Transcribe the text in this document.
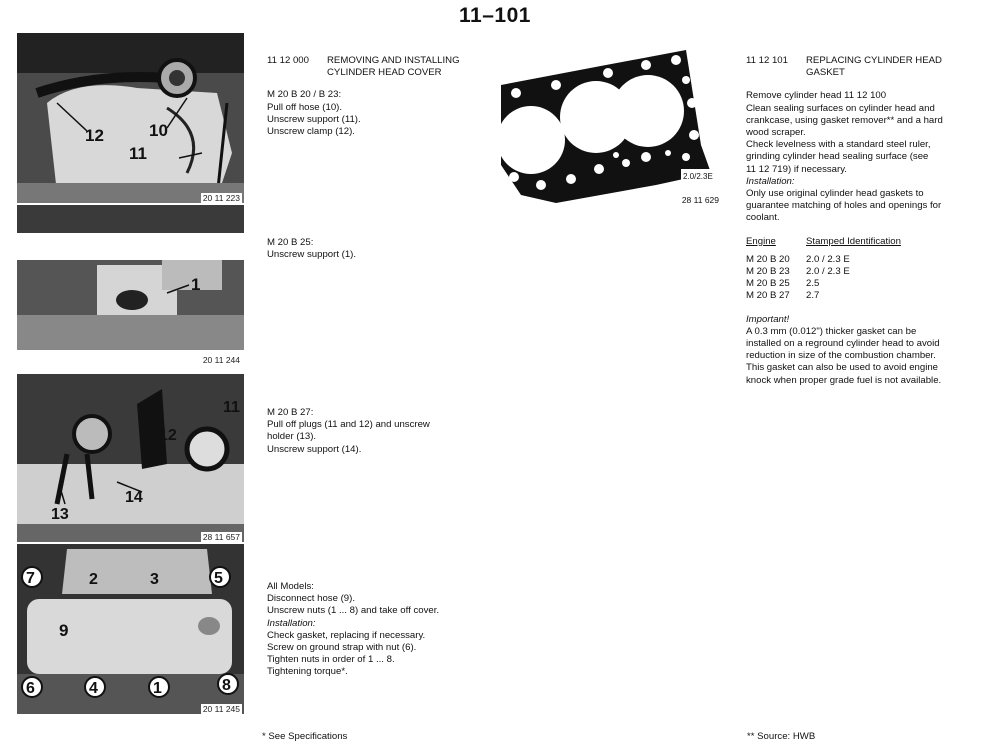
11–101
12	10
11
20 11 223
1
20 11 244
11
12
14
13
28 11 657
7	2	3	5
9
6	4	1	8
20 11 245
11 12 000	REMOVING AND INSTALLING
CYLINDER HEAD COVER
M 20 B 20 / B 23:
Pull off hose (10).
Unscrew support (11).
Unscrew clamp (12).
M 20 B 25:
Unscrew support (1).
M 20 B 27:
Pull off plugs (11 and 12) and unscrew
holder (13).
Unscrew support (14).
All Models:
Disconnect hose (9).
Unscrew nuts (1 ... 8) and take off cover.
Installation:
Check gasket, replacing if necessary.
Screw on ground strap with nut (6).
Tighten nuts in order of 1 ... 8.
Tightening torque*.
2.0/2.3E
28 11 629
11 12 101	REPLACING CYLINDER HEAD
GASKET
Remove cylinder head 11 12 100
Clean sealing surfaces on cylinder head and
crankcase, using gasket remover** and a hard
wood scraper.
Check levelness with a standard steel ruler,
grinding cylinder head sealing surface (see
11 12 719) if necessary.
Installation:
Only use original cylinder head gaskets to
guarantee matching of holes and openings for
coolant.
Engine	Stamped Identification

M 20 B 20	2.0 / 2.3 E
M 20 B 23	2.0 / 2.3 E
M 20 B 25	2.5
M 20 B 27	2.7
Important!
A 0.3 mm (0.012") thicker gasket can be
installed on a reground cylinder head to avoid
reduction in size of the combustion chamber.
This gasket can also be used to avoid engine
knock when proper grade fuel is not available.
* See Specifications	** Source: HWB
